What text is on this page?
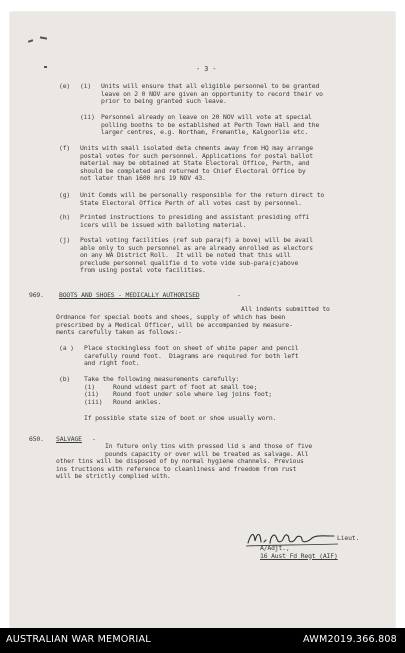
- 3 -
(e) (i) Units will ensure that all eligible personnel to be granted
leave on 2 0 NOV are given an opportunity to record their vo
prior to being granted such leave.
(ii) Personnel already on leave on 20 NOV will vote at special
polling booths to be established at Perth Town Hall and the
larger centres, e.g. Northam, Fremantle, Kalgoorlie etc.
(f) Units with small isolated deta chments away from HQ may arrange
postal votes for such personnel. Applications for postal ballot
material may be obtained at State Electoral Office, Perth, and
should be completed and returned to Chief Electoral Office by
not later than 1600 hrs 19 NOV 43.
(g) Unit Comds will be personally responsible for the return direct to
State Electoral Office Perth of all votes cast by personnel.
(h) Printed instructions to presiding and assistant presiding offi
icers will be issued with balloting material.
(j) Postal voting facilities (ref sub para(f) a bove) will be avail
able only to such personnel as are already enrolled as electors
on any WA District Roll.  It will be noted that this will
preclude personnel qualifie d to vote vide sub-para(c)above
from using postal vote facilities.
969. BOOTS AND SHOES - MEDICALLY AUTHORISED	-
All indents submitted to
Ordnance for special boots and shoes, supply of which has been
prescribed by a Medical Officer, will be accompanied by measure-
ments carefully taken as follows:-
(a ) Place stockingless foot on sheet of white paper and pencil
carefully round foot.  Diagrams are required for both left
and right foot.
(b) Take the following measurements carefully:
(i)	Round widest part of foot at small toe;
(ii) Round foot under sole where leg joins foot;
(iii) Round ankles.
If possible state size of boot or shoe usually worn.
650. SALVAGE -
In future only tins with pressed lid s and those of five
pounds capacity or over will be treated as salvage. All
other tins will be disposed of by normal hygiene channels. Previous
ins tructions with reference to cleanliness and freedom from rust
will be strictly complied with.
Lieut.
A/Adjt.,
16 Aust Fd Regt (AIF)
AUSTRALIAN WAR MEMORIAL	AWM2019.366.808
